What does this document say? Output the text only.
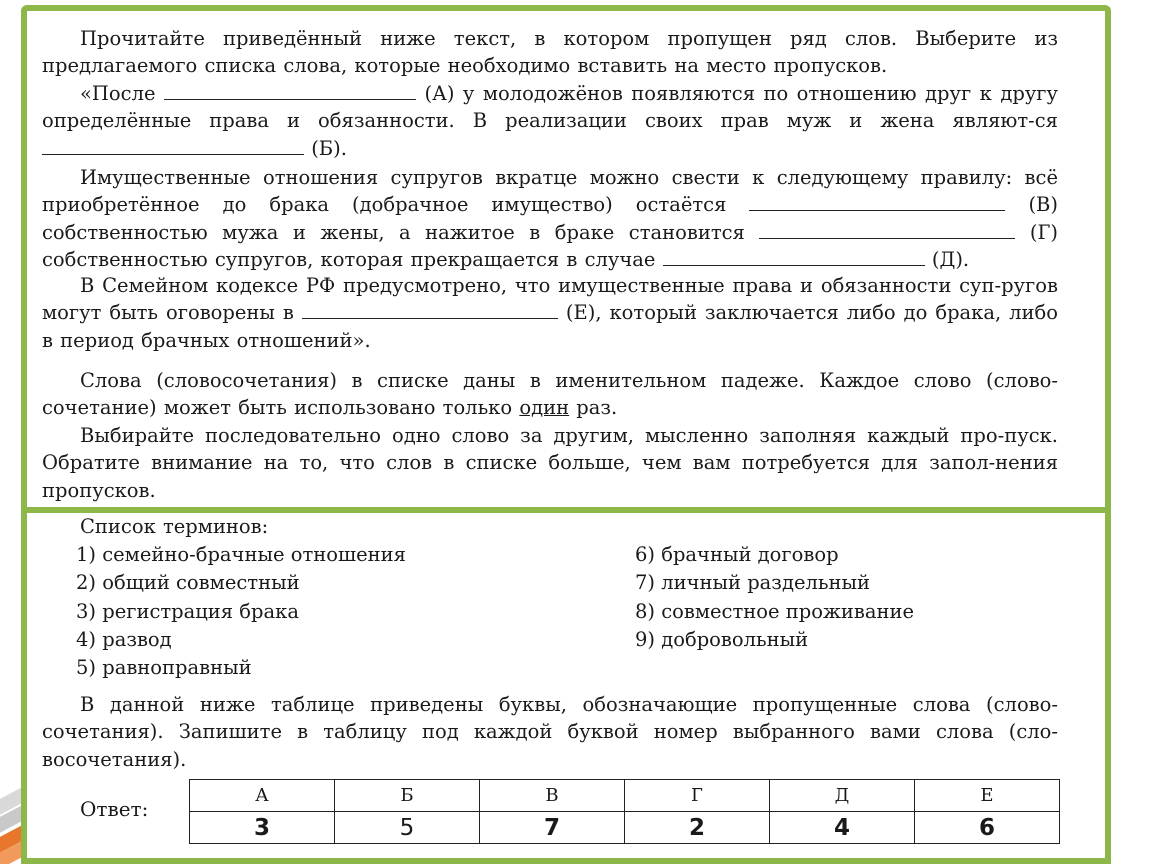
Прочитайте приведённый ниже текст, в котором пропущен ряд слов. Выберите из предлагаемого списка слова, которые необходимо вставить на место пропусков.

«После	(А) у молодожёнов появляются по отношению друг к другу определённые права и обязанности. В реализации своих прав муж и жена являют-ся  (Б).

Имущественные отношения супругов вкратце можно свести к следующему правилу: всё приобретённое до брака (добрачное имущество) остаётся	(В) собственностью мужа и жены, а нажитое в браке становится	(Г) собственностью супругов, которая прекращается в случае	(Д).

В Семейном кодексе РФ предусмотрено, что имущественные права и обязанности суп-ругов могут быть оговорены в	(Е), который заключается либо до брака, либо в период брачных отношений».

Слова (словосочетания) в списке даны в именительном падеже. Каждое слово (слово-сочетание) может быть использовано только один раз.

Выбирайте последовательно одно слово за другим, мысленно заполняя каждый про-пуск. Обратите внимание на то, что слов в списке больше, чем вам потребуется для запол-нения пропусков.

Список терминов:

1) семейно-брачные отношения
2) общий совместный
3) регистрация брака
4) развод
5) равноправный
6) брачный договор
7) личный раздельный
8) совместное проживание
9) добровольный

В данной ниже таблице приведены буквы, обозначающие пропущенные слова (слово-сочетания). Запишите в таблицу под каждой буквой номер выбранного вами слова (сло-восочетания).

Ответ:
А	Б	В	Г	Д	Е
3	5	7	2	4	6
